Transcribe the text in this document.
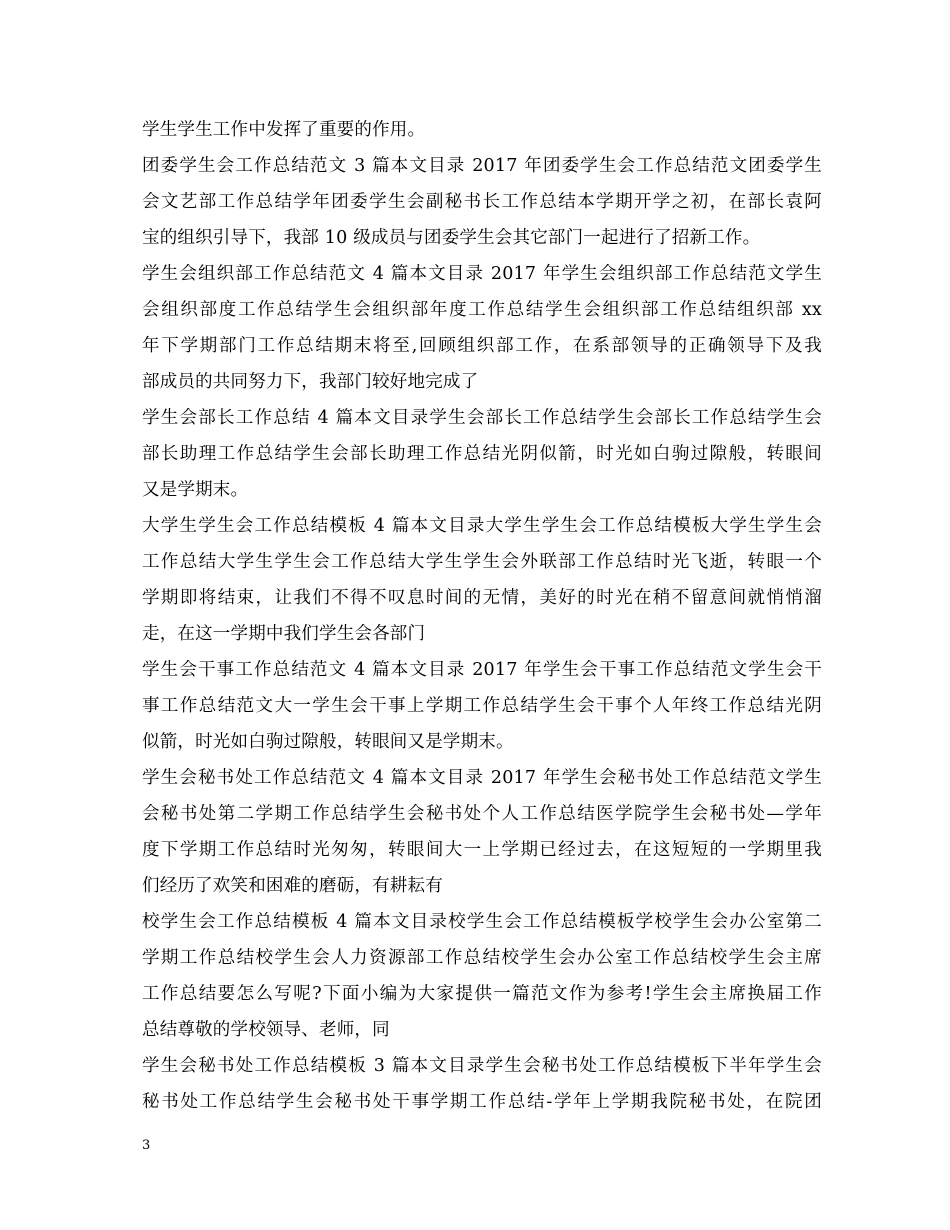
学生学生工作中发挥了重要的作用。
团委学生会工作总结范文 3 篇本文目录 2017 年团委学生会工作总结范文团委学生
会文艺部工作总结学年团委学生会副秘书长工作总结本学期开学之初，在部长袁阿
宝的组织引导下，我部 10 级成员与团委学生会其它部门一起进行了招新工作。
学生会组织部工作总结范文 4 篇本文目录 2017 年学生会组织部工作总结范文学生
会组织部度工作总结学生会组织部年度工作总结学生会组织部工作总结组织部 xx
年下学期部门工作总结期末将至,回顾组织部工作，在系部领导的正确领导下及我
部成员的共同努力下，我部门较好地完成了
学生会部长工作总结 4 篇本文目录学生会部长工作总结学生会部长工作总结学生会
部长助理工作总结学生会部长助理工作总结光阴似箭，时光如白驹过隙般，转眼间
又是学期末。
大学生学生会工作总结模板 4 篇本文目录大学生学生会工作总结模板大学生学生会
工作总结大学生学生会工作总结大学生学生会外联部工作总结时光飞逝，转眼一个
学期即将结束，让我们不得不叹息时间的无情，美好的时光在稍不留意间就悄悄溜
走，在这一学期中我们学生会各部门
学生会干事工作总结范文 4 篇本文目录 2017 年学生会干事工作总结范文学生会干
事工作总结范文大一学生会干事上学期工作总结学生会干事个人年终工作总结光阴
似箭，时光如白驹过隙般，转眼间又是学期末。
学生会秘书处工作总结范文 4 篇本文目录 2017 年学生会秘书处工作总结范文学生
会秘书处第二学期工作总结学生会秘书处个人工作总结医学院学生会秘书处—学年
度下学期工作总结时光匆匆，转眼间大一上学期已经过去，在这短短的一学期里我
们经历了欢笑和困难的磨砺，有耕耘有
校学生会工作总结模板 4 篇本文目录校学生会工作总结模板学校学生会办公室第二
学期工作总结校学生会人力资源部工作总结校学生会办公室工作总结校学生会主席
工作总结要怎么写呢?下面小编为大家提供一篇范文作为参考!学生会主席换届工作
总结尊敬的学校领导、老师，同
学生会秘书处工作总结模板 3 篇本文目录学生会秘书处工作总结模板下半年学生会
秘书处工作总结学生会秘书处干事学期工作总结-学年上学期我院秘书处，在院团
3
